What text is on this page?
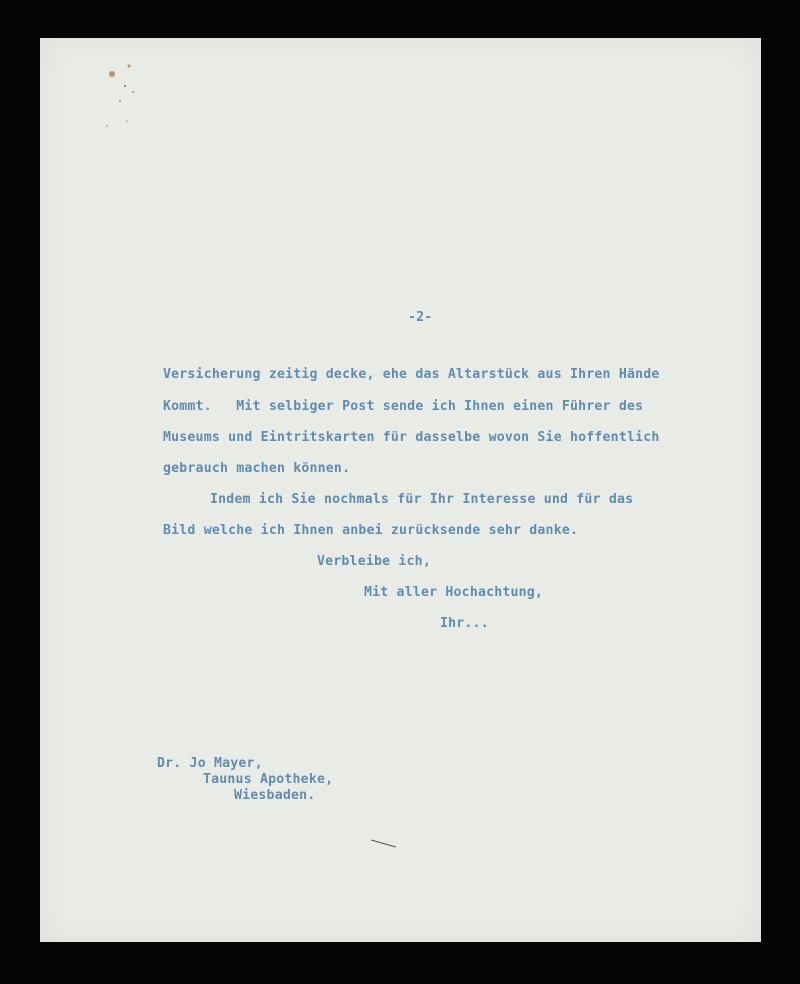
-2-
Versicherung zeitig decke, ehe das Altarstück aus Ihren Hände
Kommt.   Mit selbiger Post sende ich Ihnen einen Führer des
Museums und Eintritskarten für dasselbe wovon Sie hoffentlich
gebrauch machen können.
Indem ich Sie nochmals für Ihr Interesse und für das
Bild welche ich Ihnen anbei zurücksende sehr danke.
Verbleibe ich,
Mit aller Hochachtung,
Ihr...
Dr. Jo Mayer,
Taunus Apotheke,
Wiesbaden.
